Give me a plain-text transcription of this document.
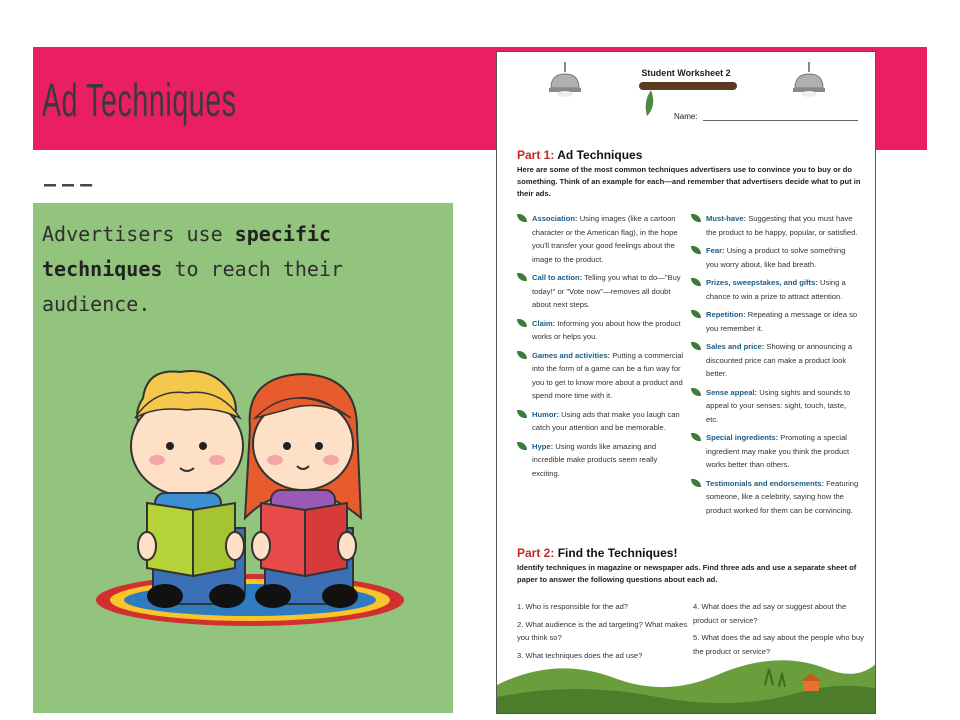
Ad Techniques
———
Advertisers use specific techniques to reach their audience.
Student Worksheet 2
Name:
Part 1: Ad Techniques
Here are some of the most common techniques advertisers use to convince you to buy or do something. Think of an example for each—and remember that advertisers decide what to put in their ads.
Association: Using images (like a cartoon character or the American flag), in the hope you'll transfer your good feelings about the image to the product.
Call to action: Telling you what to do—"Buy today!" or "Vote now"—removes all doubt about next steps.
Claim: Informing you about how the product works or helps you.
Games and activities: Putting a commercial into the form of a game can be a fun way for you to get to know more about a product and spend more time with it.
Humor: Using ads that make you laugh can catch your attention and be memorable.
Hype: Using words like amazing and incredible make products seem really exciting.
Must-have: Suggesting that you must have the product to be happy, popular, or satisfied.
Fear: Using a product to solve something you worry about, like bad breath.
Prizes, sweepstakes, and gifts: Using a chance to win a prize to attract attention.
Repetition: Repeating a message or idea so you remember it.
Sales and price: Showing or announcing a discounted price can make a product look better.
Sense appeal: Using sights and sounds to appeal to your senses: sight, touch, taste, etc.
Special ingredients: Promoting a special ingredient may make you think the product works better than others.
Testimonials and endorsements: Featuring someone, like a celebrity, saying how the product worked for them can be convincing.
Part 2: Find the Techniques!
Identify techniques in magazine or newspaper ads. Find three ads and use a separate sheet of paper to answer the following questions about each ad.
1. Who is responsible for the ad?
2. What audience is the ad targeting? What makes you think so?
3. What techniques does the ad use?
4. What does the ad say or suggest about the product or service?
5. What does the ad say about the people who buy the product or service?
